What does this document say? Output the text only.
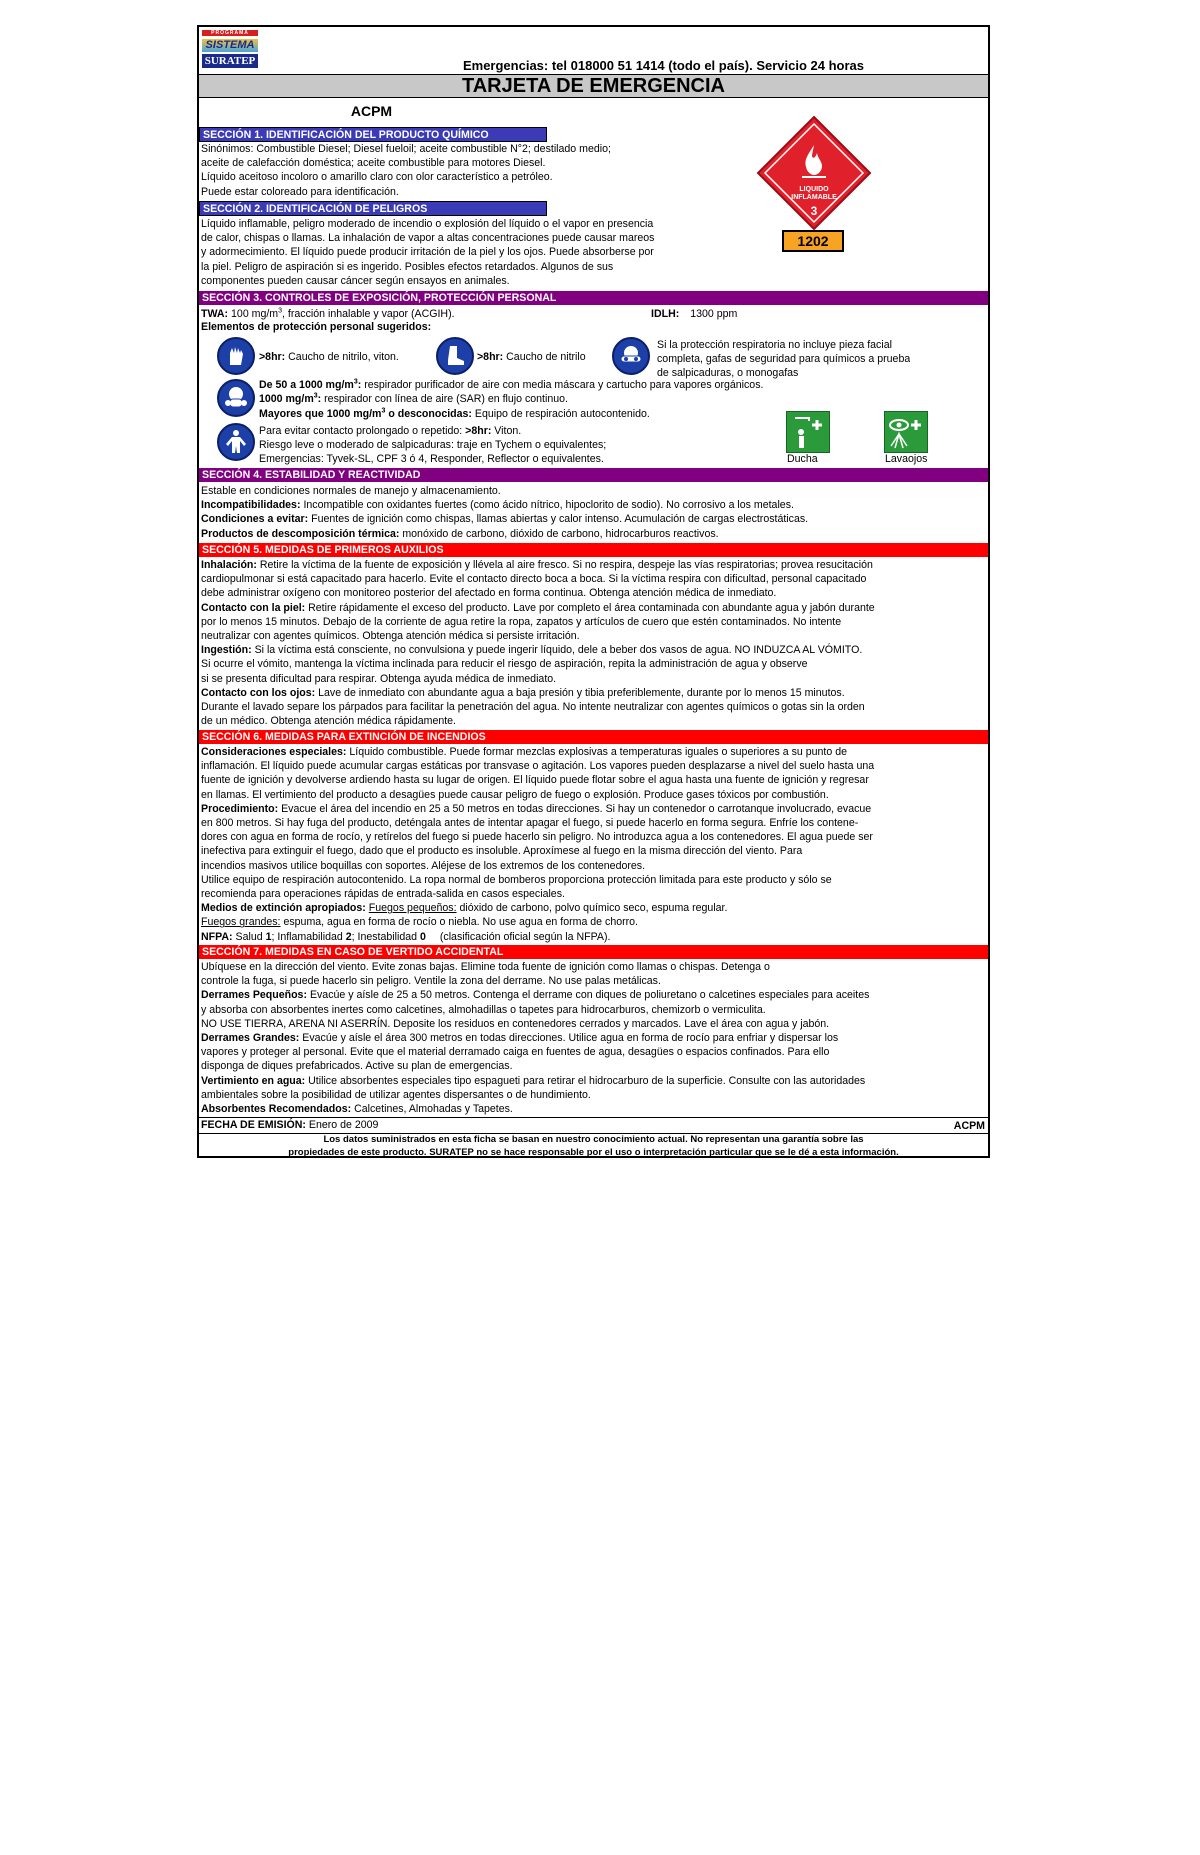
PROGRAMA
SISTEMA
SURATEP	Emergencias: tel 018000 51 1414 (todo el país). Servicio 24 horas
TARJETA DE EMERGENCIA
ACPM
LIQUIDO
INFLAMABLE
3
1202
SECCIÓN 1. IDENTIFICACIÓN DEL PRODUCTO QUÍMICO
Sinónimos: Combustible Diesel; Diesel fueloil; aceite combustible N°2; destilado medio;
aceite de calefacción doméstica; aceite combustible para motores Diesel.
Líquido aceitoso incoloro o amarillo claro con olor característico a petróleo.
Puede estar coloreado para identificación.
SECCIÓN 2. IDENTIFICACIÓN DE PELIGROS
Líquido inflamable, peligro moderado de incendio o explosión del líquido o el vapor en presencia
de calor, chispas o llamas. La inhalación de vapor a altas concentraciones puede causar mareos
y adormecimiento. El líquido puede producir irritación de la piel y los ojos. Puede absorberse por
la piel. Peligro de aspiración si es ingerido. Posibles efectos retardados. Algunos de sus
componentes pueden causar cáncer según ensayos en animales.
SECCIÓN 3. CONTROLES DE EXPOSICIÓN, PROTECCIÓN PERSONAL
TWA: 100 $mg/m^3$, fracción inhalable y vapor (ACGIH).	IDLH: 1300 ppm
Elementos de protección personal sugeridos:
>8hr: Caucho de nitrilo, viton.	>8hr: Caucho de nitrilo
Si la protección respiratoria no incluye pieza facial
completa, gafas de seguridad para químicos a prueba
de salpicaduras, o monogafas
De 50 a 1000 $mg/m^3$: respirador purificador de aire con media máscara y cartucho para vapores orgánicos.
1000 $mg/m^3$: respirador con línea de aire (SAR) en flujo continuo.
Mayores que 1000 $mg/m^3$ o desconocidas: Equipo de respiración autocontenido.
Para evitar contacto prolongado o repetido: >8hr: Viton.
Riesgo leve o moderado de salpicaduras: traje en Tychem o equivalentes;
Emergencias: Tyvek-SL, CPF 3 ó 4, Responder, Reflector o equivalentes.	Ducha	Lavaojos
SECCIÓN 4. ESTABILIDAD Y REACTIVIDAD
Estable en condiciones normales de manejo y almacenamiento.
Incompatibilidades: Incompatible con oxidantes fuertes (como ácido nítrico, hipoclorito de sodio). No corrosivo a los metales.
Condiciones a evitar: Fuentes de ignición como chispas, llamas abiertas y calor intenso. Acumulación de cargas electrostáticas.
Productos de descomposición térmica: monóxido de carbono, dióxido de carbono, hidrocarburos reactivos.
SECCIÓN 5. MEDIDAS DE PRIMEROS AUXILIOS
Inhalación: Retire la víctima de la fuente de exposición y llévela al aire fresco. Si no respira, despeje las vías respiratorias; provea resucitación
cardiopulmonar si está capacitado para hacerlo. Evite el contacto directo boca a boca. Si la víctima respira con dificultad, personal capacitado
debe administrar oxígeno con monitoreo posterior del afectado en forma continua. Obtenga atención médica de inmediato.
Contacto con la piel: Retire rápidamente el exceso del producto. Lave por completo el área contaminada con abundante agua y jabón durante
por lo menos 15 minutos. Debajo de la corriente de agua retire la ropa, zapatos y artículos de cuero que estén contaminados. No intente
neutralizar con agentes químicos. Obtenga atención médica si persiste irritación.
Ingestión: Si la víctima está consciente, no convulsiona y puede ingerir líquido, dele a beber dos vasos de agua. NO INDUZCA AL VÓMITO.
Si ocurre el vómito, mantenga la víctima inclinada para reducir el riesgo de aspiración, repita la administración de agua y observe
si se presenta dificultad para respirar. Obtenga ayuda médica de inmediato.
Contacto con los ojos: Lave de inmediato con abundante agua a baja presión y tibia preferiblemente, durante por lo menos 15 minutos.
Durante el lavado separe los párpados para facilitar la penetración del agua. No intente neutralizar con agentes químicos o gotas sin la orden
de un médico. Obtenga atención médica rápidamente.
SECCIÓN 6. MEDIDAS PARA EXTINCIÓN DE INCENDIOS
Consideraciones especiales: Líquido combustible. Puede formar mezclas explosivas a temperaturas iguales o superiores a su punto de
inflamación. El líquido puede acumular cargas estáticas por transvase o agitación. Los vapores pueden desplazarse a nivel del suelo hasta una
fuente de ignición y devolverse ardiendo hasta su lugar de origen. El líquido puede flotar sobre el agua hasta una fuente de ignición y regresar
en llamas. El vertimiento del producto a desagües puede causar peligro de fuego o explosión. Produce gases tóxicos por combustión.
Procedimiento: Evacue el área del incendio en 25 a 50 metros en todas direcciones. Si hay un contenedor o carrotanque involucrado, evacue
en 800 metros. Si hay fuga del producto, deténgala antes de intentar apagar el fuego, si puede hacerlo en forma segura. Enfríe los contene-
dores con agua en forma de rocío, y retírelos del fuego si puede hacerlo sin peligro. No introduzca agua a los contenedores. El agua puede ser
inefectiva para extinguir el fuego, dado que el producto es insoluble. Aproxímese al fuego en la misma dirección del viento. Para
incendios masivos utilice boquillas con soportes. Aléjese de los extremos de los contenedores.
Utilice equipo de respiración autocontenido. La ropa normal de bomberos proporciona protección limitada para este producto y sólo se
recomienda para operaciones rápidas de entrada-salida en casos especiales.
Medios de extinción apropiados: Fuegos pequeños: dióxido de carbono, polvo químico seco, espuma regular.
Fuegos grandes: espuma, agua en forma de rocío o niebla. No use agua en forma de chorro.
NFPA: Salud 1; Inflamabilidad 2; Inestabilidad 0 (clasificación oficial según la NFPA).
SECCIÓN 7. MEDIDAS EN CASO DE VERTIDO ACCIDENTAL
Ubíquese en la dirección del viento. Evite zonas bajas. Elimine toda fuente de ignición como llamas o chispas. Detenga o
controle la fuga, si puede hacerlo sin peligro. Ventile la zona del derrame. No use palas metálicas.
Derrames Pequeños: Evacúe y aísle de 25 a 50 metros. Contenga el derrame con diques de poliuretano o calcetines especiales para aceites
y absorba con absorbentes inertes como calcetines, almohadillas o tapetes para hidrocarburos, chemizorb o vermiculita.
NO USE TIERRA, ARENA NI ASERRÍN. Deposite los residuos en contenedores cerrados y marcados. Lave el área con agua y jabón.
Derrames Grandes: Evacúe y aísle el área 300 metros en todas direcciones. Utilice agua en forma de rocío para enfriar y dispersar los
vapores y proteger al personal. Evite que el material derramado caiga en fuentes de agua, desagües o espacios confinados. Para ello
disponga de diques prefabricados. Active su plan de emergencias.
Vertimiento en agua: Utilice absorbentes especiales tipo espagueti para retirar el hidrocarburo de la superficie. Consulte con las autoridades
ambientales sobre la posibilidad de utilizar agentes dispersantes o de hundimiento.
Absorbentes Recomendados: Calcetines, Almohadas y Tapetes.
FECHA DE EMISIÓN: Enero de 2009	ACPM
Los datos suministrados en esta ficha se basan en nuestro conocimiento actual. No representan una garantía sobre las
propiedades de este producto. SURATEP no se hace responsable por el uso o interpretación particular que se le dé a esta información.
